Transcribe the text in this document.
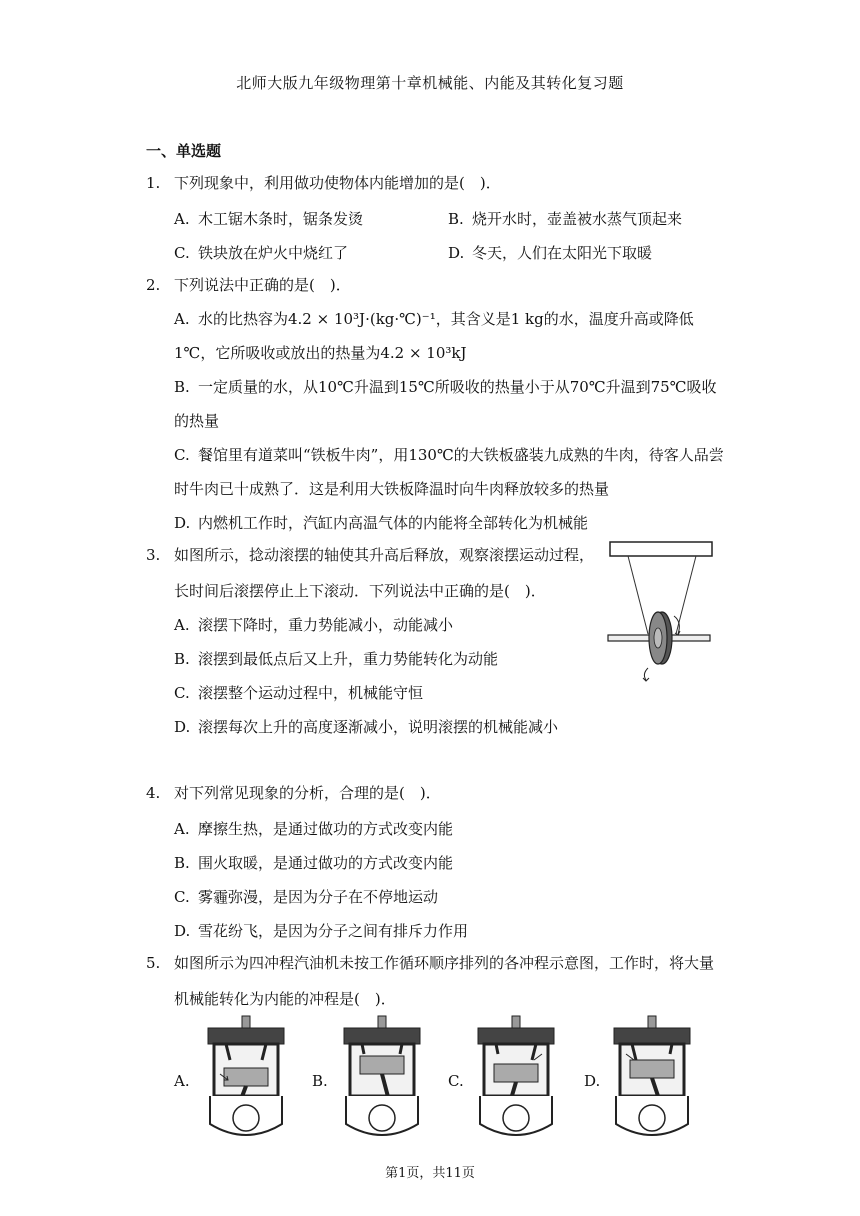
北师大版九年级物理第十章机械能、内能及其转化复习题
一、单选题
1. 下列现象中，利用做功使物体内能增加的是(　)．
A. 木工锯木条时，锯条发烫	B. 烧开水时，壶盖被水蒸气顶起来
C. 铁块放在炉火中烧红了	D. 冬天，人们在太阳光下取暖
2. 下列说法中正确的是(　)．
A. 水的比热容为4.2 × 10³J·(kg·℃)⁻¹，其含义是1 kg的水，温度升高或降低1℃，它所吸收或放出的热量为4.2 × 10³kJ
B. 一定质量的水，从10℃升温到15℃所吸收的热量小于从70℃升温到75℃吸收的热量
C. 餐馆里有道菜叫“铁板牛肉”，用130℃的大铁板盛装九成熟的牛肉，待客人品尝时牛肉已十成熟了．这是利用大铁板降温时向牛肉释放较多的热量
D. 内燃机工作时，汽缸内高温气体的内能将全部转化为机械能
3. 如图所示，捻动滚摆的轴使其升高后释放，观察滚摆运动过程，
长时间后滚摆停止上下滚动．下列说法中正确的是(　)．
A. 滚摆下降时，重力势能减小，动能减小
B. 滚摆到最低点后又上升，重力势能转化为动能
C. 滚摆整个运动过程中，机械能守恒
D. 滚摆每次上升的高度逐渐减小，说明滚摆的机械能减小
4. 对下列常见现象的分析，合理的是(　)．
A. 摩擦生热，是通过做功的方式改变内能
B. 围火取暖，是通过做功的方式改变内能
C. 雾霾弥漫，是因为分子在不停地运动
D. 雪花纷飞，是因为分子之间有排斥力作用
5. 如图所示为四冲程汽油机未按工作循环顺序排列的各冲程示意图，工作时，将大量
机械能转化为内能的冲程是(　)．
A.	B.	C.	D.
第1页，共11页
